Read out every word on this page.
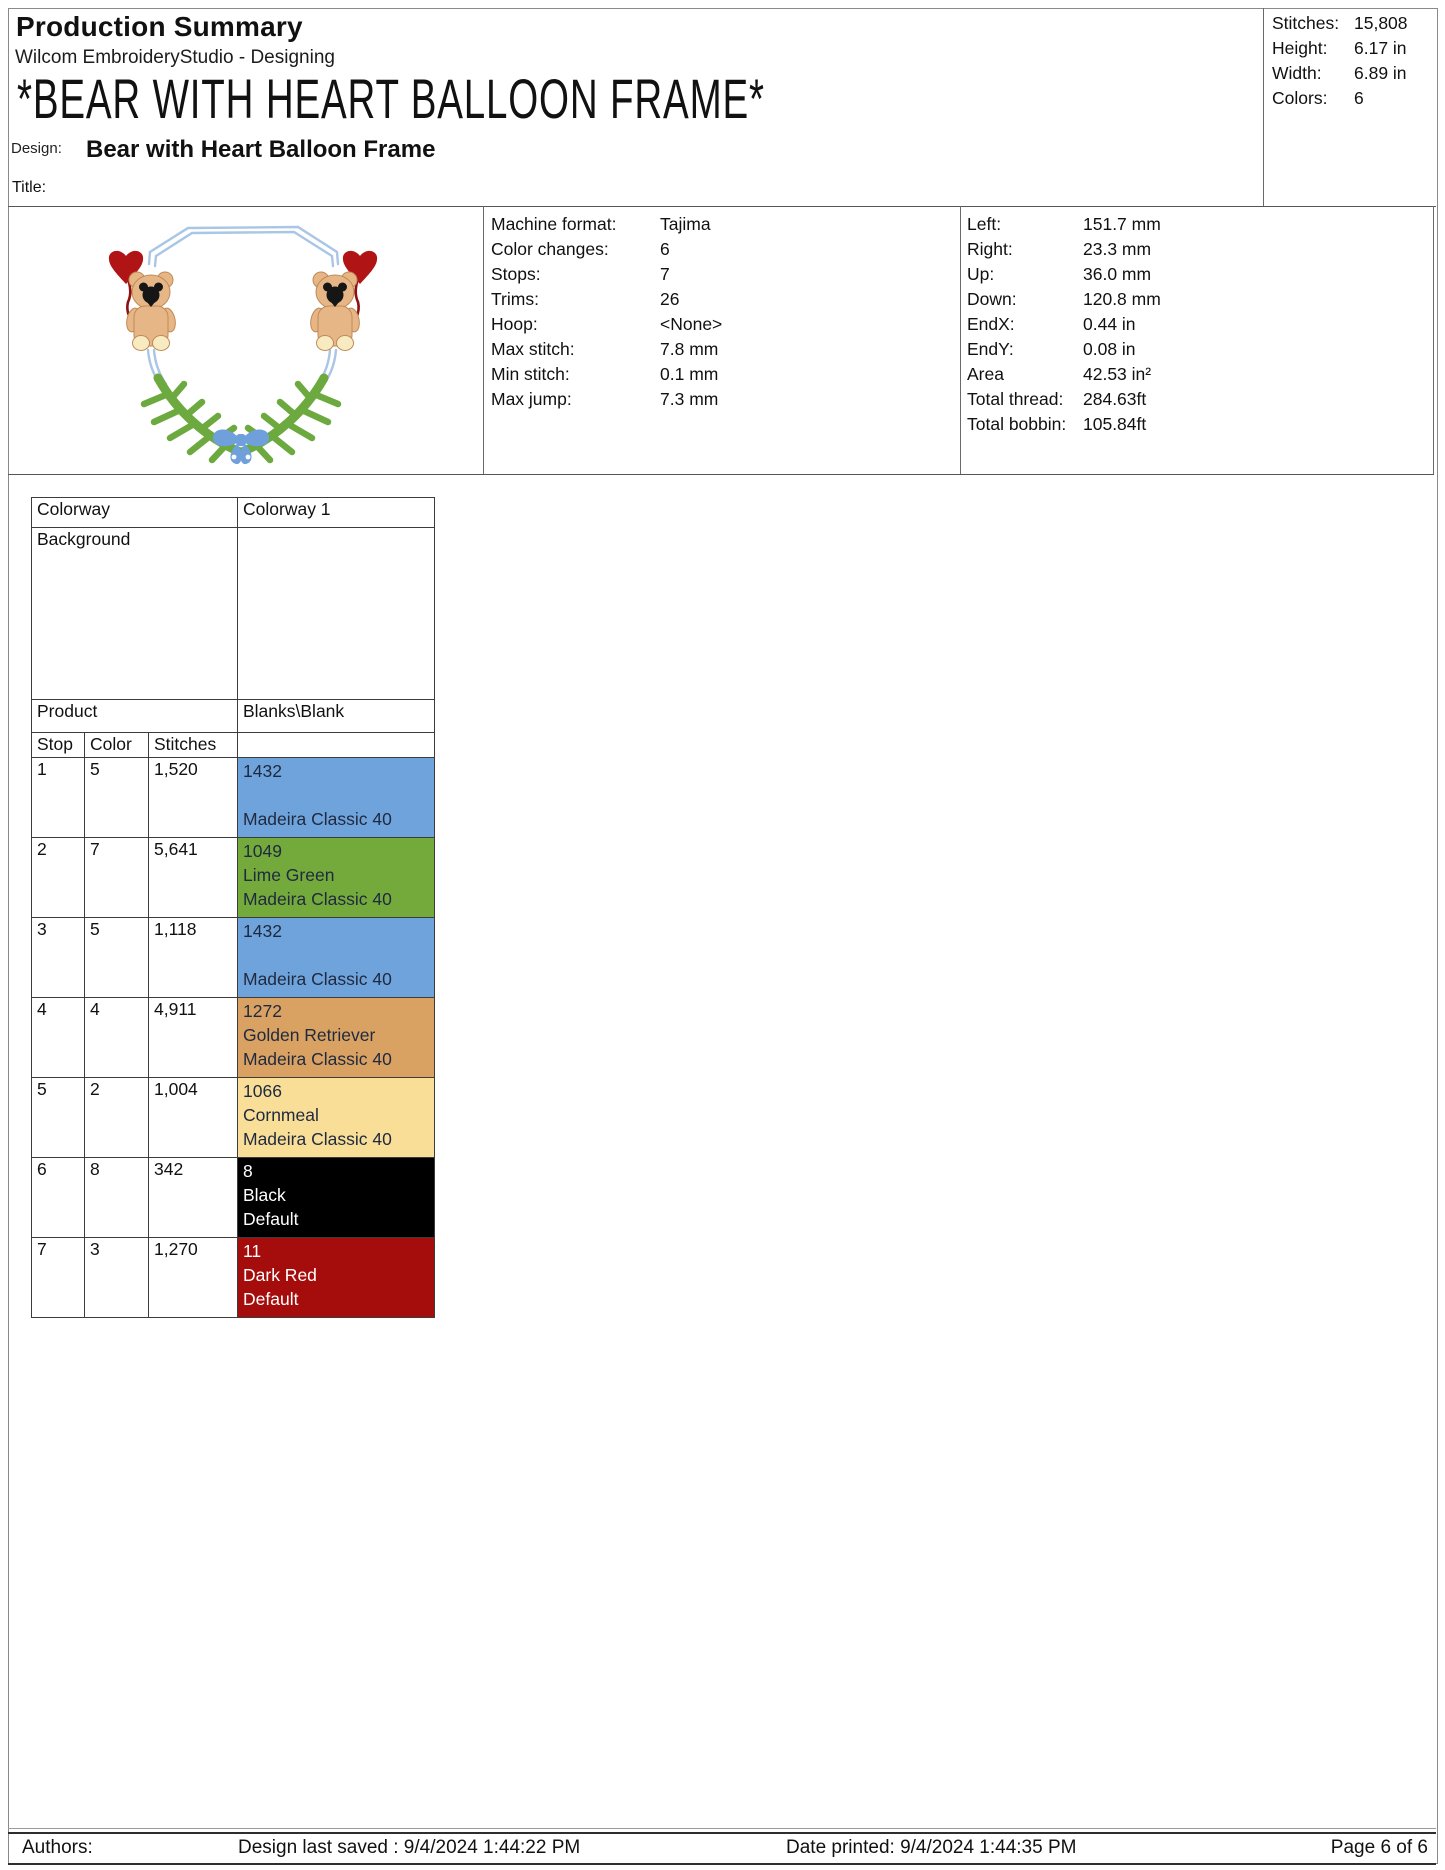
Production Summary
Wilcom EmbroideryStudio - Designing
*BEAR WITH HEART BALLOON FRAME*
Design: Bear with Heart Balloon Frame
Title:
Stitches: 15,808
Height:	6.17 in
Width:	6.89 in
Colors:	6
Machine format:	Tajima
Color changes:	6
Stops:	7
Trims:	26
Hoop:	<None>
Max stitch:	7.8 mm
Min stitch:	0.1 mm
Max jump:	7.3 mm
Left:	151.7 mm
Right:	23.3 mm
Up:	36.0 mm
Down:	120.8 mm
EndX:	0.44 in
EndY:	0.08 in
Area	42.53 in²
Total thread:	284.63ft
Total bobbin: 105.84ft
Colorway			Colorway 1
Background			
Product			Blanks\Blank
Stop	Color	Stitches	
1	5	1,520	1432
Madeira Classic 40

2	7	5,641	1049
Lime Green
Madeira Classic 40

3	5	1,118	1432
Madeira Classic 40

4	4	4,911	1272
Golden Retriever
Madeira Classic 40

5	2	1,004	1066
Cornmeal
Madeira Classic 40

6	8	342	8
Black
Default

7	3	1,270	11
Dark Red
Default
Authors:	Design last saved : 9/4/2024 1:44:22 PM	Date printed: 9/4/2024 1:44:35 PM	Page 6 of 6
